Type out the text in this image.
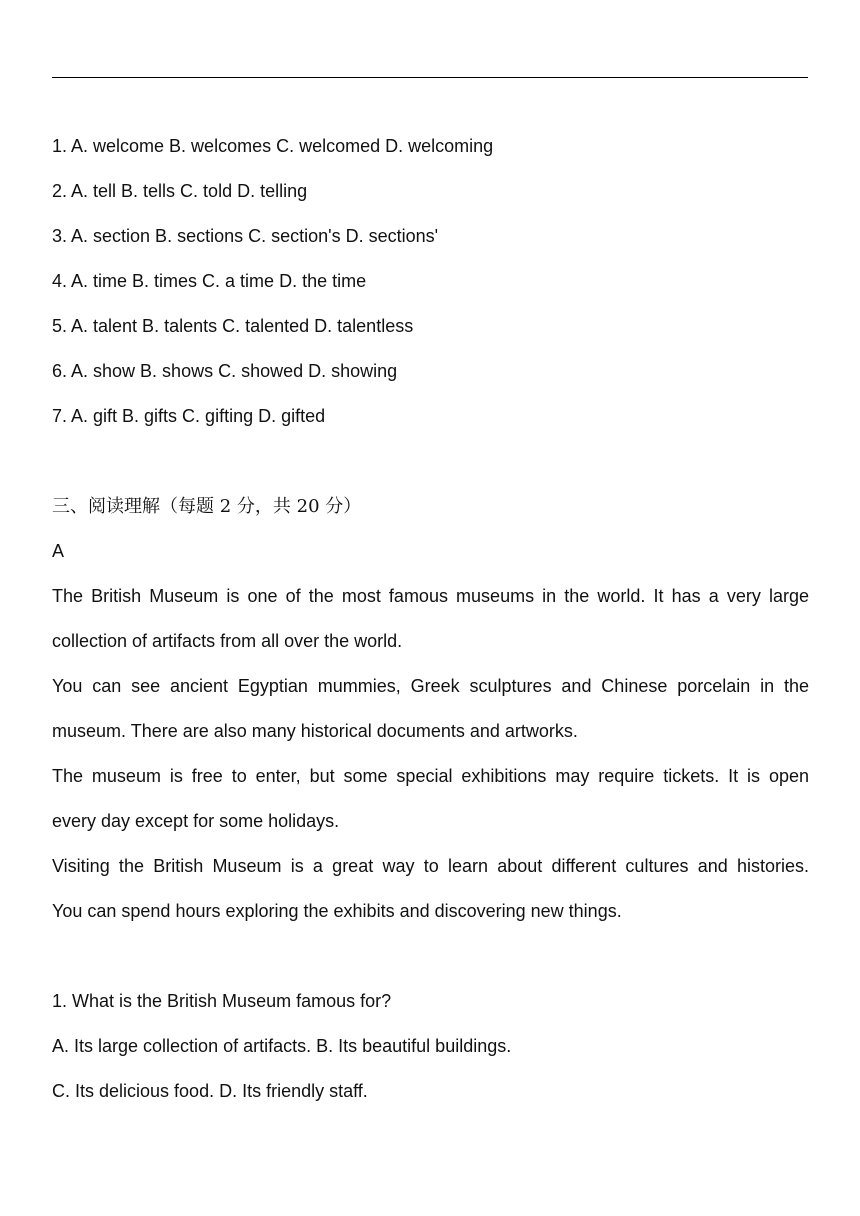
1. A. welcome B. welcomes C. welcomed D. welcoming
2. A. tell B. tells C. told D. telling
3. A. section B. sections C. section's D. sections'
4. A. time B. times C. a time D. the time
5. A. talent B. talents C. talented D. talentless
6. A. show B. shows C. showed D. showing
7. A. gift B. gifts C. gifting D. gifted
三、阅读理解（每题 2 分，共 20 分）
A
The British Museum is one of the most famous museums in the world. It has a very large
collection of artifacts from all over the world.
You can see ancient Egyptian mummies, Greek sculptures and Chinese porcelain in the
museum. There are also many historical documents and artworks.
The museum is free to enter, but some special exhibitions may require tickets. It is open
every day except for some holidays.
Visiting the British Museum is a great way to learn about different cultures and histories.
You can spend hours exploring the exhibits and discovering new things.
1. What is the British Museum famous for?
A. Its large collection of artifacts. B. Its beautiful buildings.
C. Its delicious food. D. Its friendly staff.
